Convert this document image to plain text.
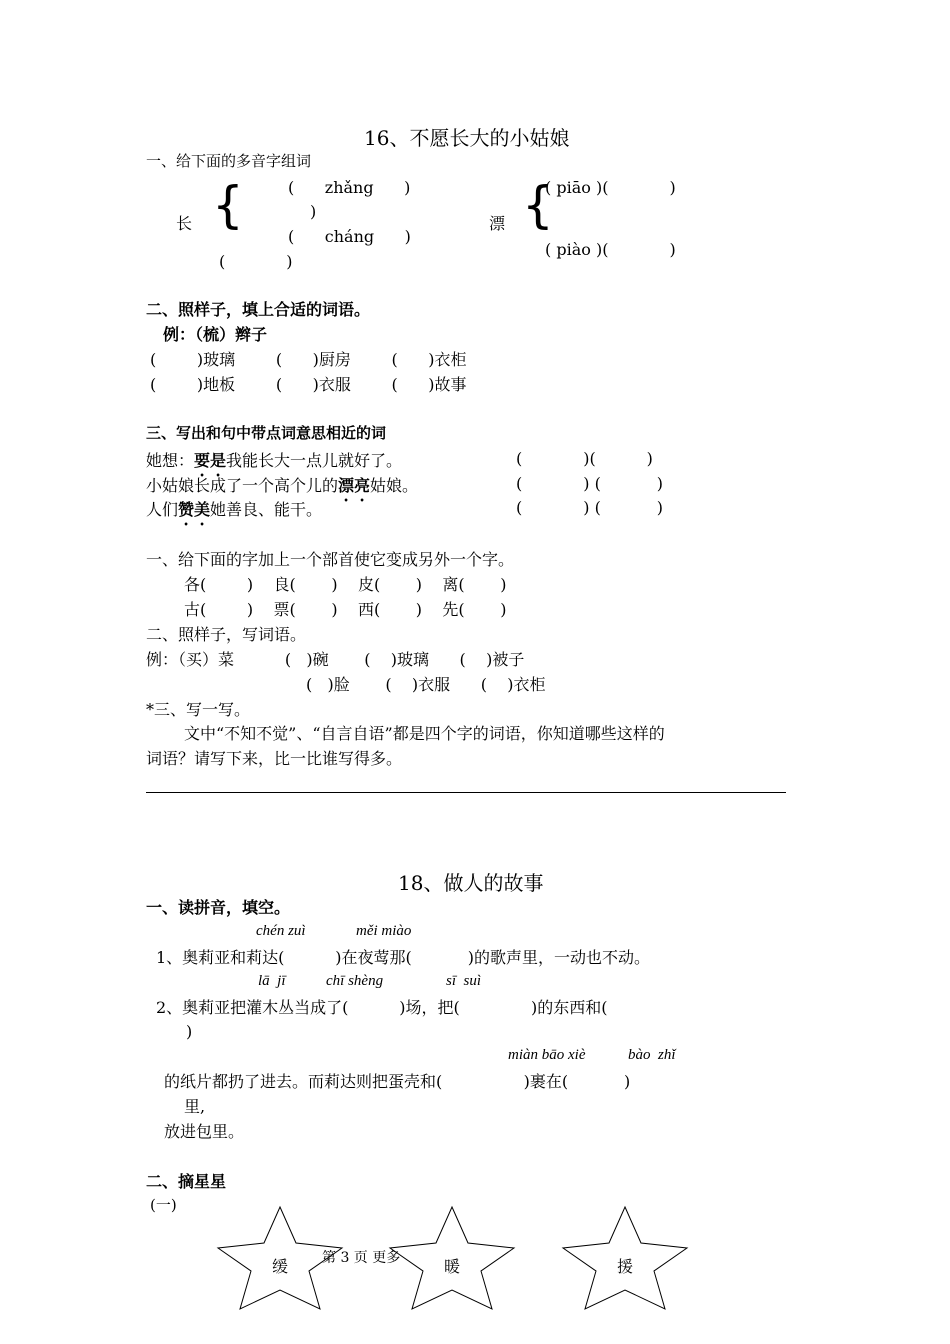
16、不愿长大的小姑娘
一、给下面的多音字组词
长 {	(      zhǎng      )
)
(      cháng      )
(            )
漂 {
( piāo )(            )
( piào )(            )
二、照样子，填上合适的词语。
例：（梳）辫子
(        )玻璃        (      )厨房        (      )衣柜
(        )地板        (      )衣服        (      )故事
三、写出和句中带点词意思相近的词
她想：要是我能长大一点儿就好了。	(            )(          )
小姑娘长成了一个高个儿的漂亮姑娘。	(            ) (           )
人们赞美她善良、能干。	(            ) (           )
一、给下面的字加上一个部首使它变成另外一个字。
各(        )    良(       )    皮(       )    离(       )
古(        )    票(       )    西(       )    先(       )
二、照样子，写词语。
例：（买）菜          (   )碗       (    )玻璃      (    )被子
(   )脸       (    )衣服      (    )衣柜
*三、写一写。
文中“不知不觉”、“自言自语”都是四个字的词语，你知道哪些这样的
词语？请写下来，比一比谁写得多。
18、做人的故事
一、读拼音，填空。
chén zuì	měi miào
1、奥莉亚和莉达(          )在夜莺那(           )的歌声里，一动也不动。
lā  jī	chī shèng	sī  suì
2、奥莉亚把灌木丛当成了(          )场，把(              )的东西和(
)
miàn bāo xiè	bào  zhǐ
的纸片都扔了进去。而莉达则把蛋壳和(                )裹在(           )
里,
放进包里。
二、摘星星
(一)
第 3 页 更多
缓	暖	援
